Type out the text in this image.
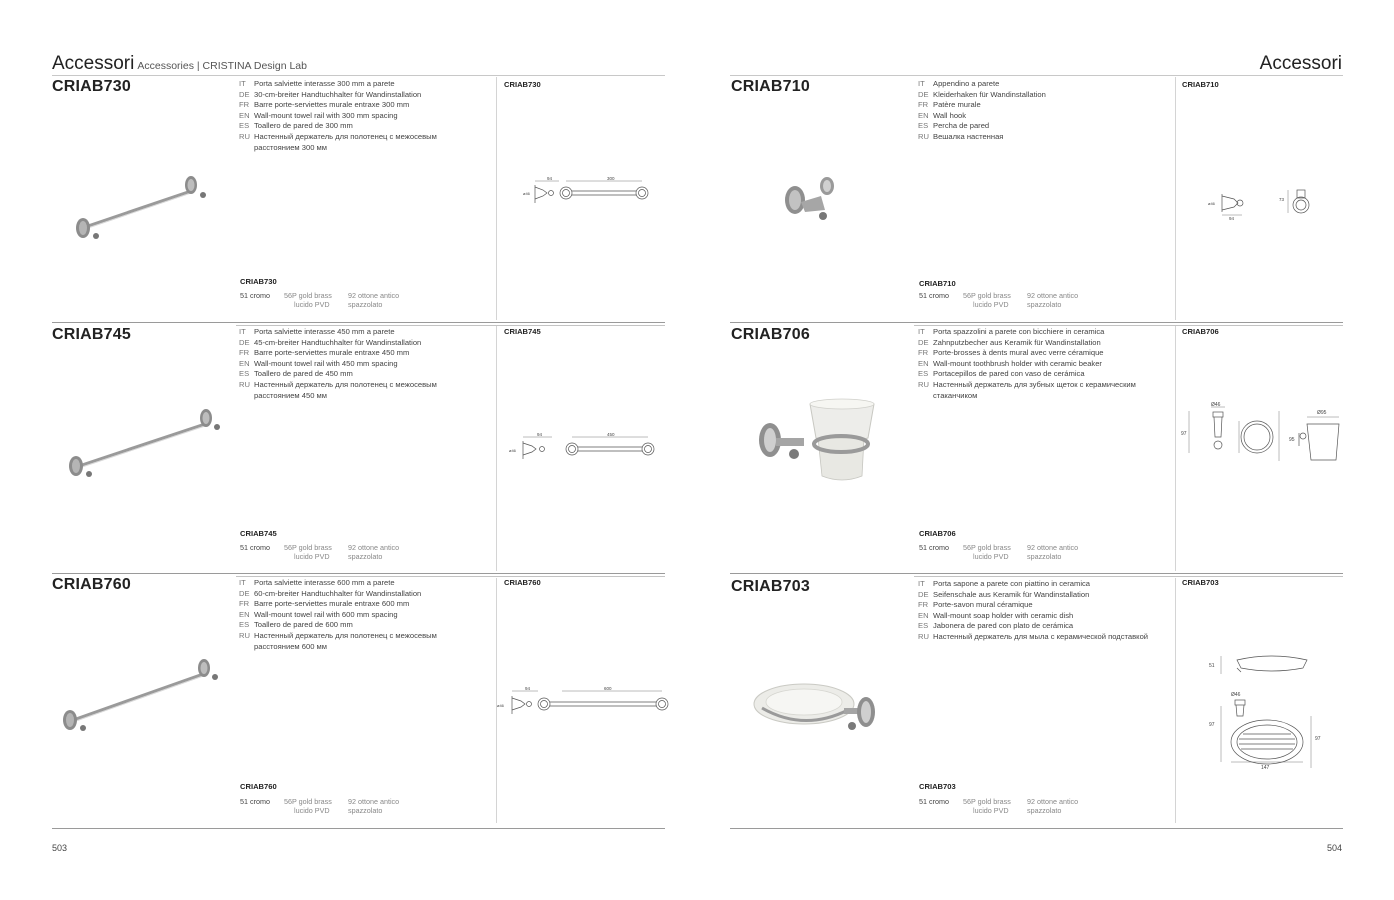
Accessori Accessories | CRISTINA Design Lab
503
CRIAB730	IT	Porta salviette interasse 300 mm a parete
DE 30-cm-breiter Handtuchhalter für Wandinstallation
FR Barre porte-serviettes murale entraxe 300 mm
EN Wall-mount towel rail with 300 mm spacing
ES Toallero de pared de 300 mm
RU Настенный держатель для полотенец с межосевым расстоянием 300 мм
CRIAB730
CRIAB730
51 cromo	56P gold brass
lucido PVD
92 ottone antico
spazzolato
94	300
ø46
CRIAB745	IT	Porta salviette interasse 450 mm a parete
DE 45-cm-breiter Handtuchhalter für Wandinstallation
FR Barre porte-serviettes murale entraxe 450 mm
EN Wall-mount towel rail with 450 mm spacing
ES Toallero de pared de 450 mm
RU Настенный держатель для полотенец с межосевым расстоянием 450 мм
CRIAB745
CRIAB745
51 cromo	56P gold brass
lucido PVD
92 ottone antico
spazzolato
94	450
ø46
CRIAB760	IT	Porta salviette interasse 600 mm a parete
DE 60-cm-breiter Handtuchhalter für Wandinstallation
FR Barre porte-serviettes murale entraxe 600 mm
EN Wall-mount towel rail with 600 mm spacing
ES Toallero de pared de 600 mm
RU Настенный держатель для полотенец с межосевым расстоянием 600 мм
CRIAB760
CRIAB760
51 cromo	56P gold brass
lucido PVD
92 ottone antico
spazzolato
94	600
ø46
Accessori
504
CRIAB710	IT	Appendino a parete
DE Kleiderhaken für Wandinstallation
FR Patère murale
EN Wall hook
ES Percha de pared
RU Вешалка настенная
CRIAB710
CRIAB710
51 cromo	56P gold brass
lucido PVD
92 ottone antico
spazzolato
ø46
94
73
CRIAB706	IT	Porta spazzolini a parete con bicchiere in ceramica
DE Zahnputzbecher aus Keramik für Wandinstallation
FR Porte-brosses à dents mural avec verre céramique
EN Wall-mount toothbrush holder with ceramic beaker
ES Portacepillos de pared con vaso de cerámica
RU Настенный держатель для зубных щеток с керамическим стаканчиком
CRIAB706
CRIAB706
51 cromo	56P gold brass
lucido PVD
92 ottone antico
spazzolato
Ø46
Ø95
97
95
CRIAB703	IT	Porta sapone a parete con piattino in ceramica
DE Seifenschale aus Keramik für Wandinstallation
FR Porte-savon mural céramique
EN Wall-mount soap holder with ceramic dish
ES Jabonera de pared con plato de cerámica
RU Настенный держатель для мыла с керамической подставкой
CRIAB703
CRIAB703
51 cromo	56P gold brass
lucido PVD
92 ottone antico
spazzolato
51
Ø46
97
97
147
